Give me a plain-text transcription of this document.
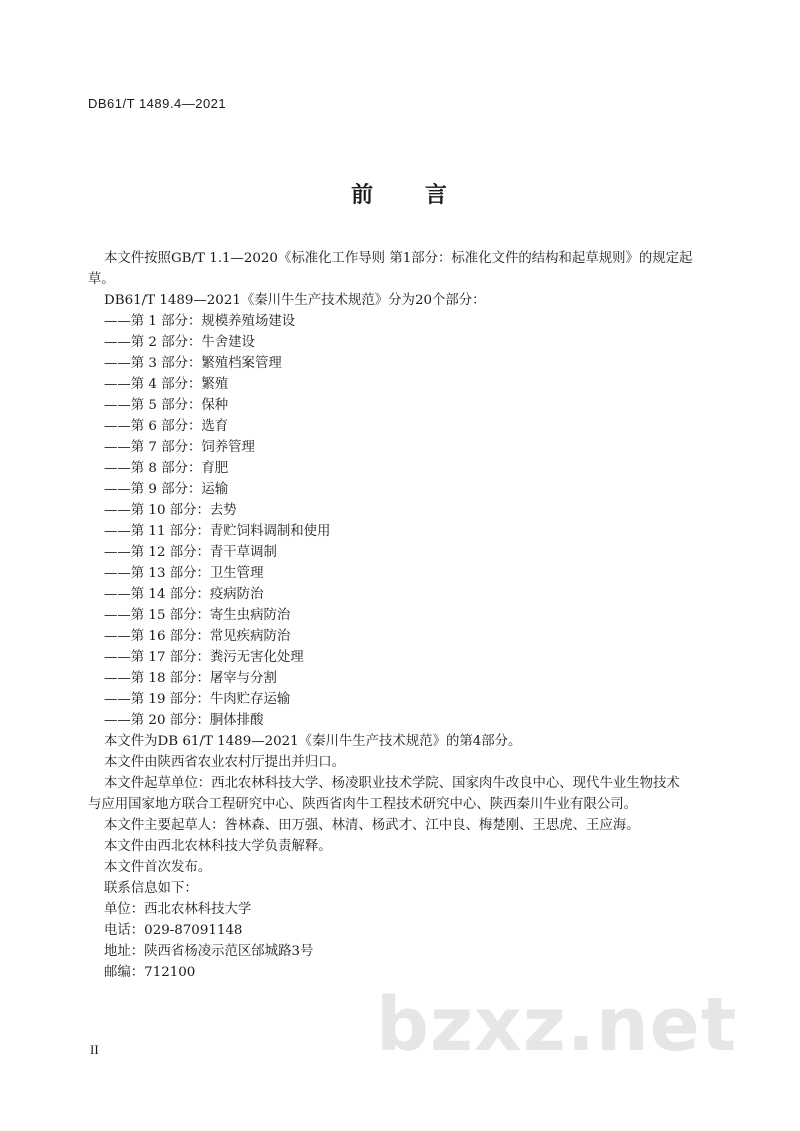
DB61/T 1489.4—2021
前 言
本文件按照GB/T 1.1—2020《标准化工作导则 第1部分：标准化文件的结构和起草规则》的规定起
草。
DB61/T 1489—2021《秦川牛生产技术规范》分为20个部分：
——第 1 部分：规模养殖场建设
——第 2 部分：牛舍建设
——第 3 部分：繁殖档案管理
——第 4 部分：繁殖
——第 5 部分：保种
——第 6 部分：选育
——第 7 部分：饲养管理
——第 8 部分：育肥
——第 9 部分：运输
——第 10 部分：去势
——第 11 部分：青贮饲料调制和使用
——第 12 部分：青干草调制
——第 13 部分：卫生管理
——第 14 部分：疫病防治
——第 15 部分：寄生虫病防治
——第 16 部分：常见疾病防治
——第 17 部分：粪污无害化处理
——第 18 部分：屠宰与分割
——第 19 部分：牛肉贮存运输
——第 20 部分：胴体排酸
本文件为DB 61/T 1489—2021《秦川牛生产技术规范》的第4部分。
本文件由陕西省农业农村厅提出并归口。
本文件起草单位：西北农林科技大学、杨凌职业技术学院、国家肉牛改良中心、现代牛业生物技术
与应用国家地方联合工程研究中心、陕西省肉牛工程技术研究中心、陕西秦川牛业有限公司。
本文件主要起草人：昝林森、田万强、林清、杨武才、江中良、梅楚刚、王思虎、王应海。
本文件由西北农林科技大学负责解释。
本文件首次发布。
联系信息如下：
单位：西北农林科技大学
电话：029-87091148
地址：陕西省杨凌示范区邰城路3号
邮编：712100
bzxz.net
II
